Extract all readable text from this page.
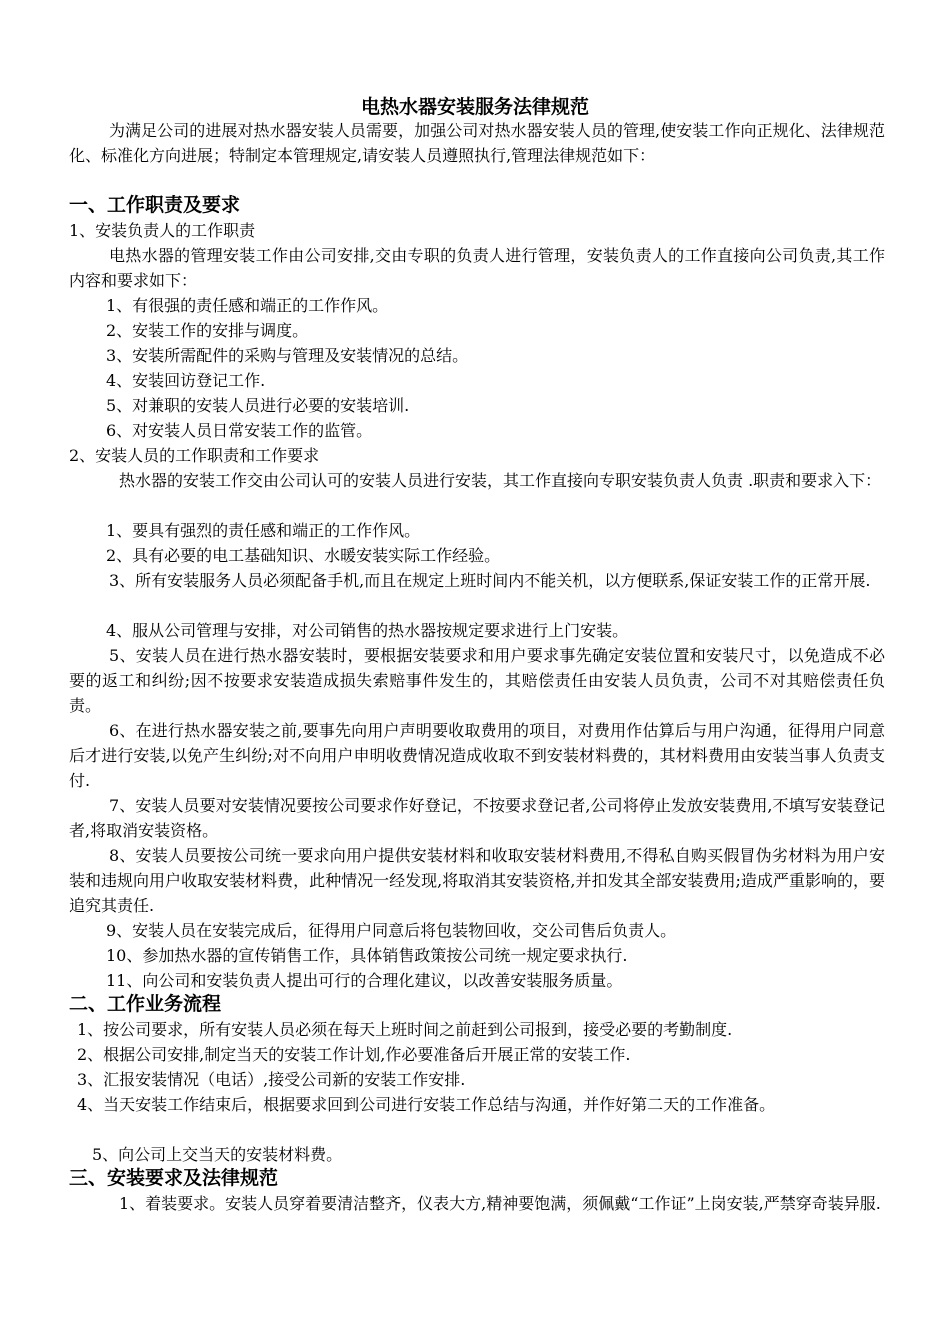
电热水器安装服务法律规范

为满足公司的进展对热水器安装人员需要，加强公司对热水器安装人员的管理,使安装工作向正规化、法律规范化、标准化方向进展；特制定本管理规定,请安装人员遵照执行,管理法律规范如下：

一、工作职责及要求
1、安装负责人的工作职责

电热水器的管理安装工作由公司安排,交由专职的负责人进行管理，安装负责人的工作直接向公司负责,其工作内容和要求如下：

1、有很强的责任感和端正的工作作风。
2、安装工作的安排与调度。
3、安装所需配件的采购与管理及安装情况的总结。
4、安装回访登记工作.
5、对兼职的安装人员进行必要的安装培训.
6、对安装人员日常安装工作的监管。
2、安装人员的工作职责和工作要求

热水器的安装工作交由公司认可的安装人员进行安装，其工作直接向专职安装负责人负责 .职责和要求入下：

1、要具有强烈的责任感和端正的工作作风。
2、具有必要的电工基础知识、水暖安装实际工作经验。

3、所有安装服务人员必须配备手机,而且在规定上班时间内不能关机，以方便联系,保证安装工作的正常开展.

4、服从公司管理与安排，对公司销售的热水器按规定要求进行上门安装。

5、安装人员在进行热水器安装时，要根据安装要求和用户要求事先确定安装位置和安装尺寸，以免造成不必要的返工和纠纷;因不按要求安装造成损失索赔事件发生的，其赔偿责任由安装人员负责，公司不对其赔偿责任负责。

6、在进行热水器安装之前,要事先向用户声明要收取费用的项目，对费用作估算后与用户沟通，征得用户同意后才进行安装,以免产生纠纷;对不向用户申明收费情况造成收取不到安装材料费的，其材料费用由安装当事人负责支付.

7、安装人员要对安装情况要按公司要求作好登记，不按要求登记者,公司将停止发放安装费用,不填写安装登记者,将取消安装资格。

8、安装人员要按公司统一要求向用户提供安装材料和收取安装材料费用,不得私自购买假冒伪劣材料为用户安装和违规向用户收取安装材料费，此种情况一经发现,将取消其安装资格,并扣发其全部安装费用;造成严重影响的，要追究其责任.

9、安装人员在安装完成后，征得用户同意后将包装物回收，交公司售后负责人。
10、参加热水器的宣传销售工作，具体销售政策按公司统一规定要求执行.
11、向公司和安装负责人提出可行的合理化建议，以改善安装服务质量。
二、工作业务流程
1、按公司要求，所有安装人员必须在每天上班时间之前赶到公司报到，接受必要的考勤制度.
2、根据公司安排,制定当天的安装工作计划,作必要准备后开展正常的安装工作.
3、汇报安装情况（电话）,接受公司新的安装工作安排.
4、当天安装工作结束后，根据要求回到公司进行安装工作总结与沟通，并作好第二天的工作准备。
5、向公司上交当天的安装材料费。
三、安装要求及法律规范

1、着装要求。安装人员穿着要清洁整齐，仪表大方,精神要饱满，须佩戴“工作证”上岗安装,严禁穿奇装异服.
